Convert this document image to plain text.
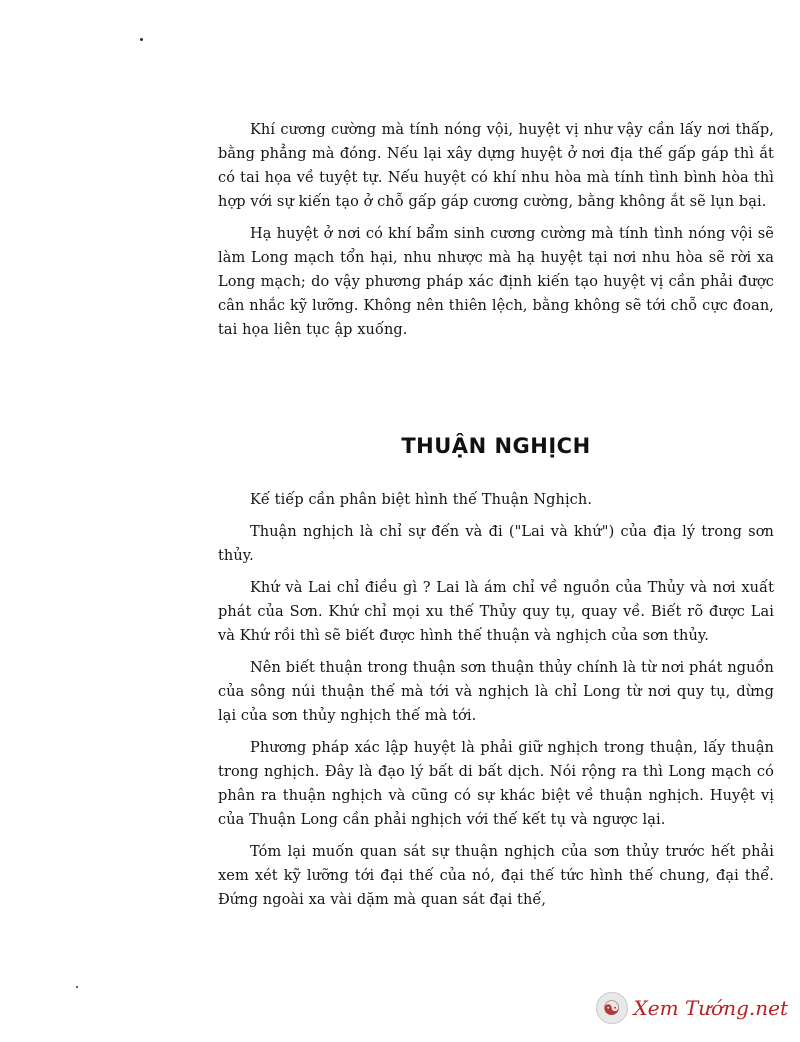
Khí cương cường mà tính nóng vội, huyệt vị như vậy cần lấy nơi thấp, bằng phẳng mà đóng. Nếu lại xây dựng huyệt ở nơi địa thế gấp gáp thì ắt có tai họa về tuyệt tự. Nếu huyệt có khí nhu hòa mà tính tình bình hòa thì hợp với sự kiến tạo ở chỗ gấp gáp cương cường, bằng không ắt sẽ lụn bại.

Hạ huyệt ở nơi có khí bẩm sinh cương cường mà tính tình nóng vội sẽ làm Long mạch tổn hại, nhu nhược mà hạ huyệt tại nơi nhu hòa sẽ rời xa Long mạch; do vậy phương pháp xác định kiến tạo huyệt vị cần phải được cân nhắc kỹ lưỡng. Không nên thiên lệch, bằng không sẽ tới chỗ cực đoan, tai họa liên tục ập xuống.

THUẬN NGHỊCH

Kế tiếp cần phân biệt hình thế Thuận Nghịch.

Thuận nghịch là chỉ sự đến và đi ("Lai và khứ") của địa lý trong sơn thủy.

Khứ và Lai chỉ điều gì ? Lai là ám chỉ về nguồn của Thủy và nơi xuất phát của Sơn. Khứ chỉ mọi xu thế Thủy quy tụ, quay về. Biết rõ được Lai và Khứ rồi thì sẽ biết được hình thế thuận và nghịch của sơn thủy.

Nên biết thuận trong thuận sơn thuận thủy chính là từ nơi phát nguồn của sông núi thuận thế mà tới và nghịch là chỉ Long từ nơi quy tụ, dừng lại của sơn thủy nghịch thế mà tới.

Phương pháp xác lập huyệt là phải giữ nghịch trong thuận, lấy thuận trong nghịch. Đây là đạo lý bất di bất dịch. Nói rộng ra thì Long mạch có phân ra thuận nghịch và cũng có sự khác biệt về thuận nghịch. Huyệt vị của Thuận Long cần phải nghịch với thế kết tụ và ngược lại.

Tóm lại muốn quan sát sự thuận nghịch của sơn thủy trước hết phải xem xét kỹ lưỡng tới đại thế của nó, đại thế tức hình thế chung, đại thể. Đứng ngoài xa vài dặm mà quan sát đại thế,

☯ Xem Tướng.net
